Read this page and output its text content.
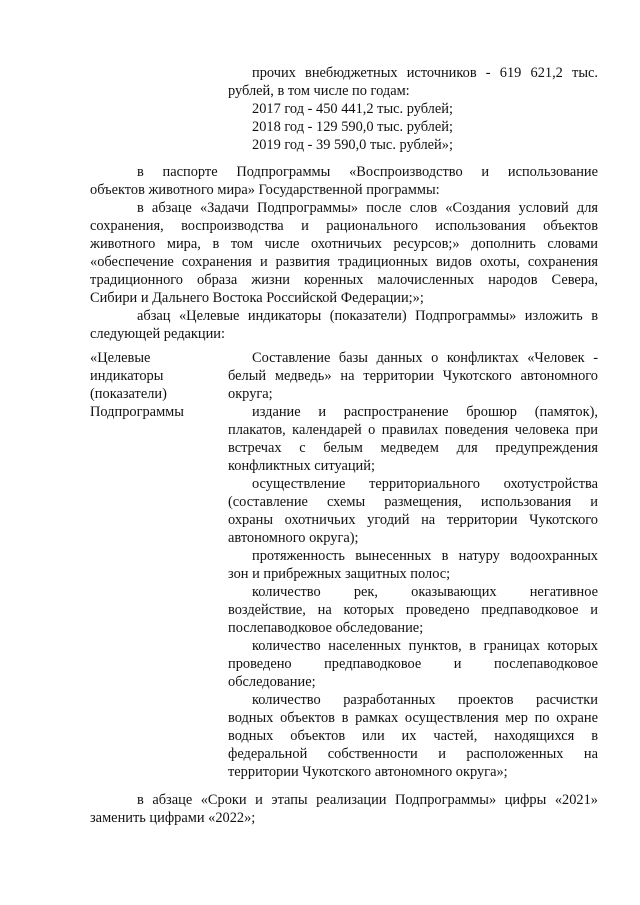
прочих внебюджетных источников - 619 621,2 тыс.
рублей, в том числе по годам:
2017 год - 450 441,2 тыс. рублей;
2018 год - 129 590,0 тыс. рублей;
2019 год - 39 590,0 тыс. рублей»;
в паспорте Подпрограммы «Воспроизводство и использование
объектов животного мира» Государственной программы:
в абзаце «Задачи Подпрограммы» после слов «Создания условий для
сохранения, воспроизводства и рационального использования объектов
животного мира, в том числе охотничьих ресурсов;» дополнить словами
«обеспечение сохранения и развития традиционных видов охоты, сохранения
традиционного образа жизни коренных малочисленных народов Севера,
Сибири и Дальнего Востока Российской Федерации;»;
абзац «Целевые индикаторы (показатели) Подпрограммы» изложить в
следующей редакции:
«Целевые
индикаторы
(показатели)
Подпрограммы
Составление базы данных о конфликтах «Человек -
белый медведь» на территории Чукотского автономного
округа;
издание и распространение брошюр (памяток),
плакатов, календарей о правилах поведения человека при
встречах с белым медведем для предупреждения
конфликтных ситуаций;
осуществление территориального охотустройства
(составление схемы размещения, использования и
охраны охотничьих угодий на территории Чукотского
автономного округа);
протяженность вынесенных в натуру водоохранных
зон и прибрежных защитных полос;
количество рек, оказывающих негативное
воздействие, на которых проведено предпаводковое и
послепаводковое обследование;
количество населенных пунктов, в границах которых
проведено предпаводковое и послепаводковое
обследование;
количество разработанных проектов расчистки
водных объектов в рамках осуществления мер по охране
водных объектов или их частей, находящихся в
федеральной собственности и расположенных на
территории Чукотского автономного округа»;
в абзаце «Сроки и этапы реализации Подпрограммы» цифры «2021»
заменить цифрами «2022»;
